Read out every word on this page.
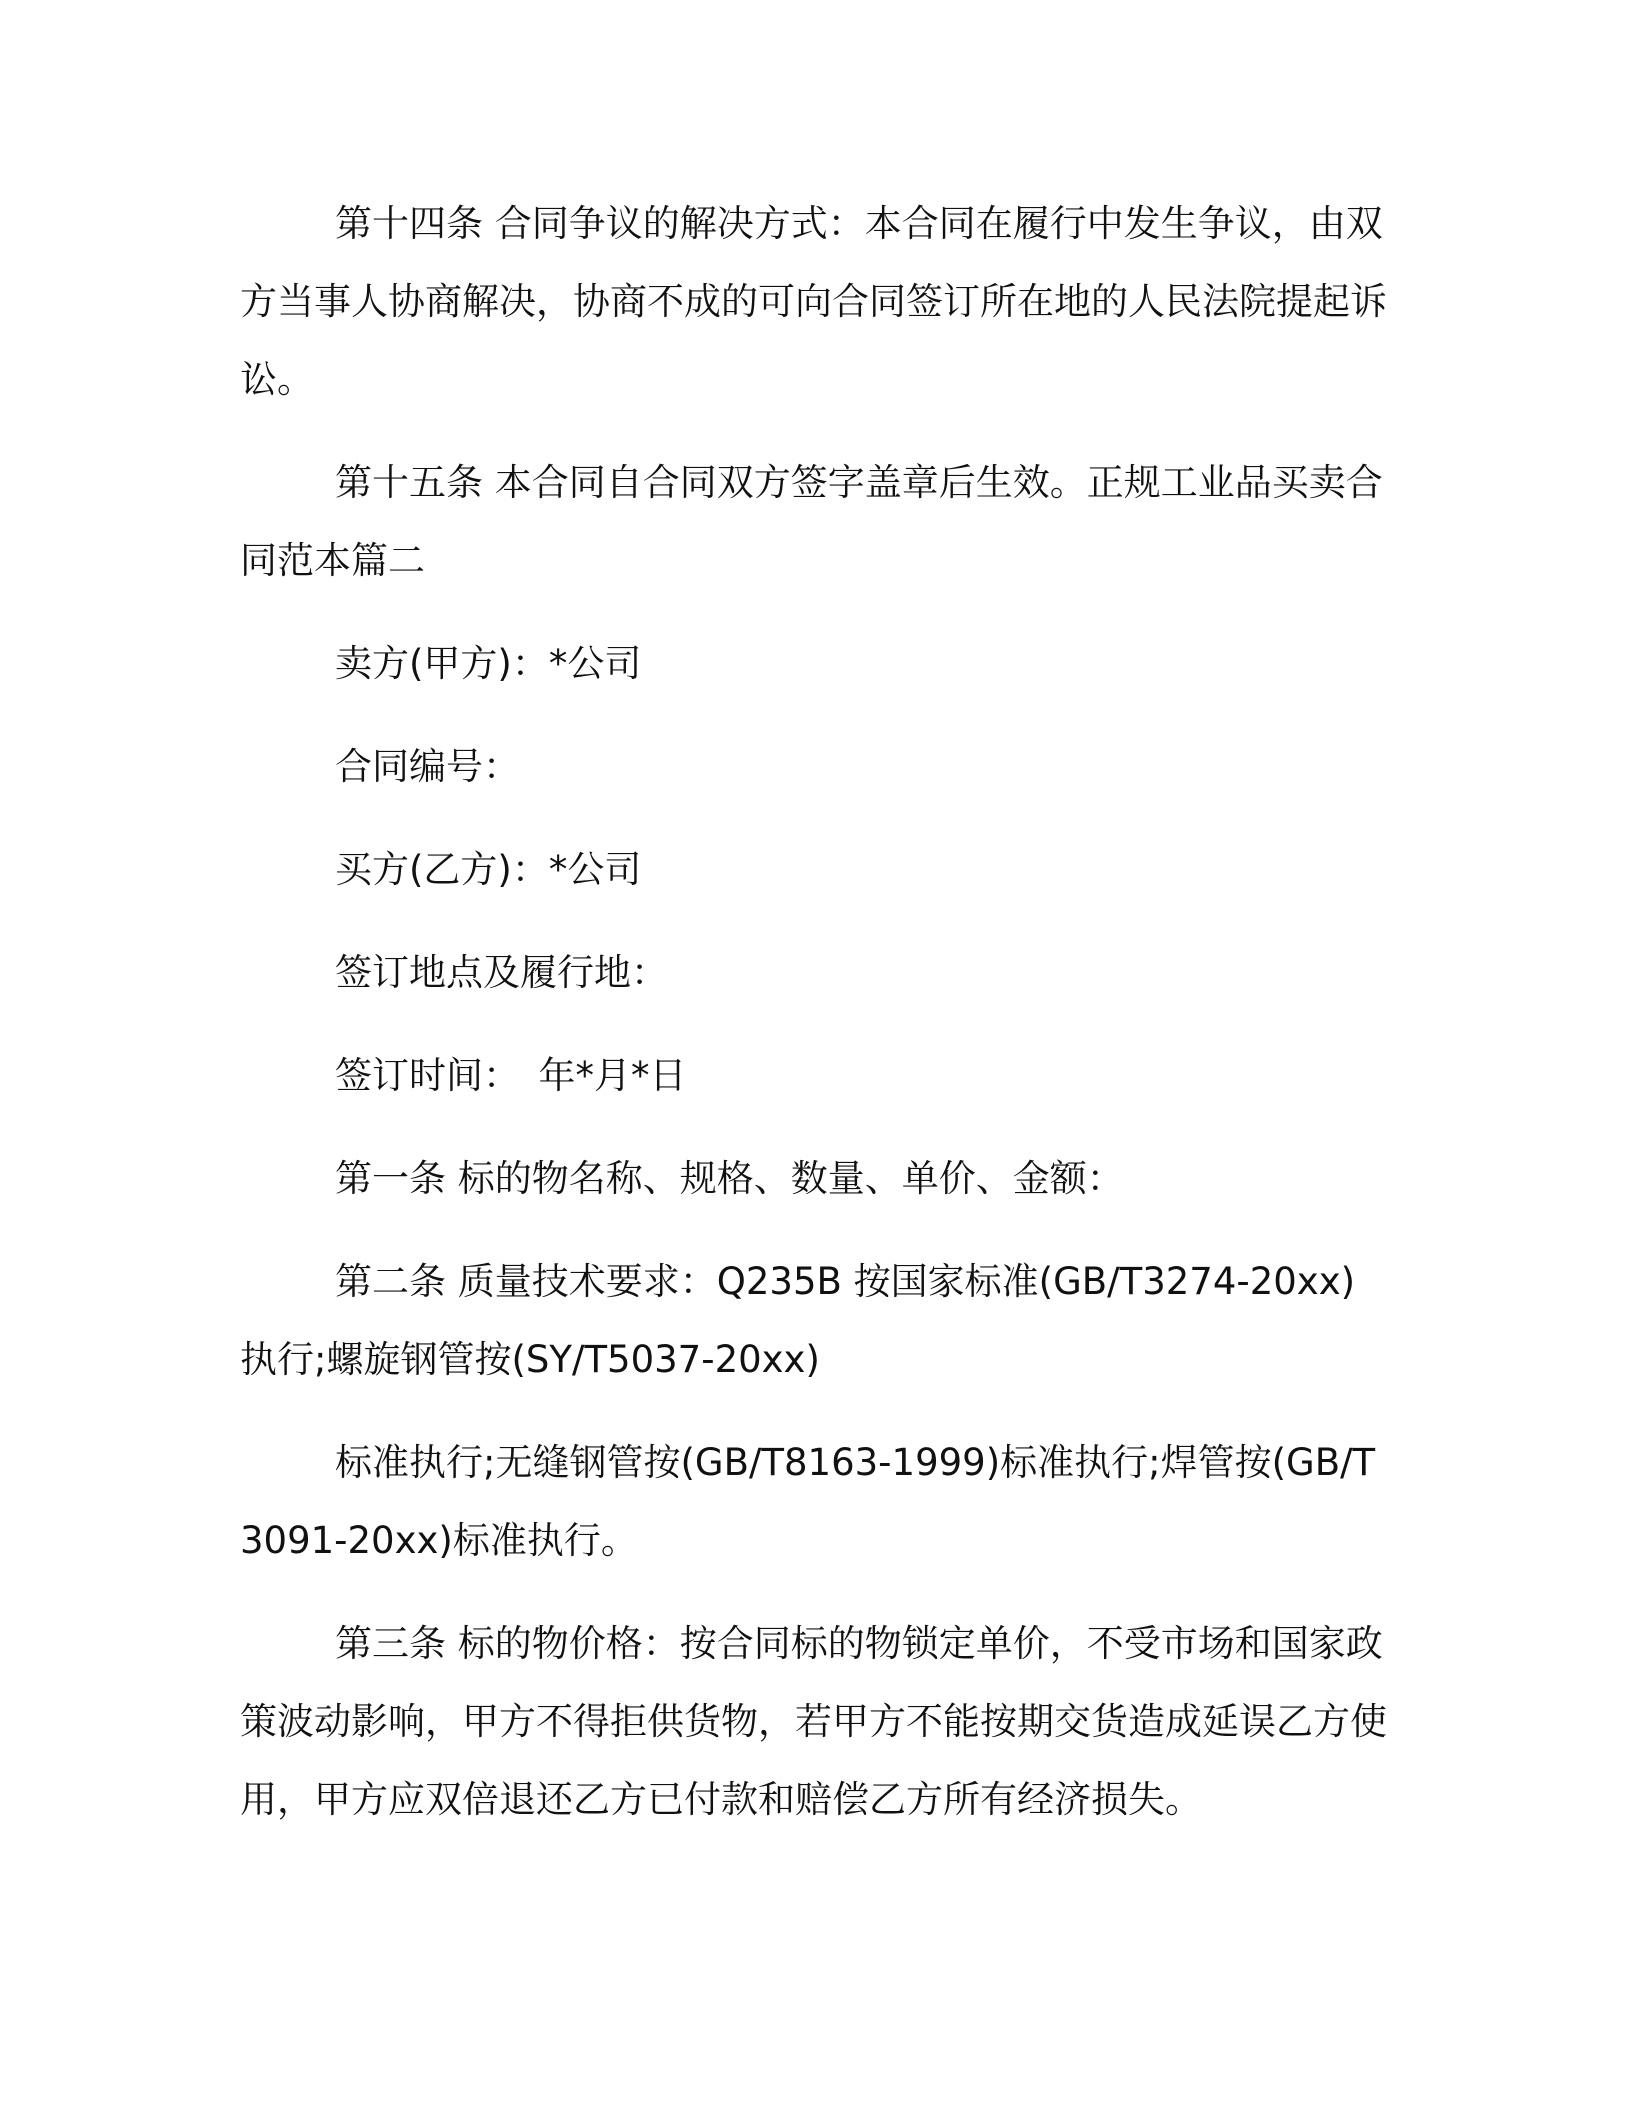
第十四条 合同争议的解决方式：本合同在履行中发生争议，由双方当事人协商解决，协商不成的可向合同签订所在地的人民法院提起诉讼。

第十五条 本合同自合同双方签字盖章后生效。正规工业品买卖合同范本篇二

卖方(甲方)：*公司

合同编号：

买方(乙方)：*公司

签订地点及履行地：

签订时间：　年*月*日

第一条 标的物名称、规格、数量、单价、金额：

第二条 质量技术要求：Q235B 按国家标准(GB/T3274-20xx)执行;螺旋钢管按(SY/T5037-20xx)

标准执行;无缝钢管按(GB/T8163-1999)标准执行;焊管按(GB/T3091-20xx)标准执行。

第三条 标的物价格：按合同标的物锁定单价，不受市场和国家政策波动影响，甲方不得拒供货物，若甲方不能按期交货造成延误乙方使用，甲方应双倍退还乙方已付款和赔偿乙方所有经济损失。
